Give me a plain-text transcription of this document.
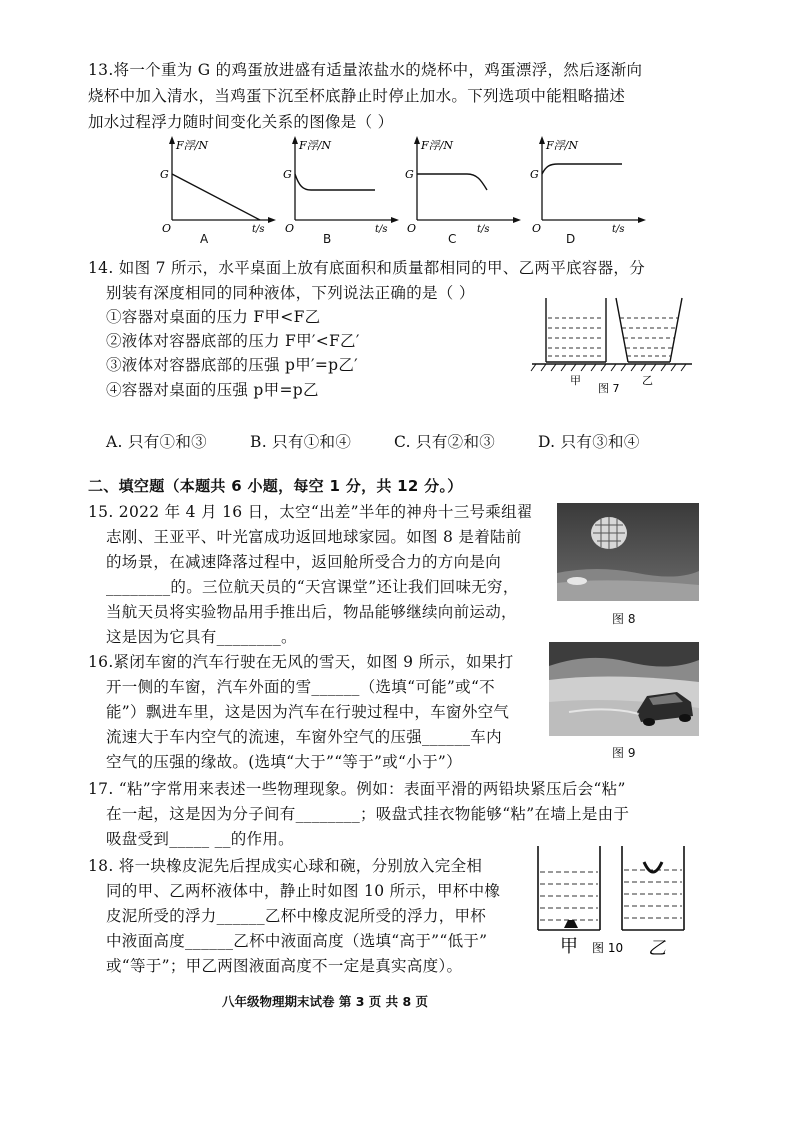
13.将一个重为 G 的鸡蛋放进盛有适量浓盐水的烧杯中，鸡蛋漂浮，然后逐渐向
烧杯中加入清水，当鸡蛋下沉至杯底静止时停止加水。下列选项中能粗略描述
加水过程浮力随时间变化关系的图像是（ ）
F浮/N
G
O	t/s
A
F浮/N
G
O	t/s
B
F浮/N
G
O	t/s
C
F浮/N
G
O	t/s
D
14. 如图 7 所示，水平桌面上放有底面积和质量都相同的甲、乙两平底容器，分
别装有深度相同的同种液体，下列说法正确的是（ ）
①容器对桌面的压力 F甲<F乙
②液体对容器底部的压力 F甲′<F乙′
③液体对容器底部的压强 p甲′=p乙′
④容器对桌面的压强 p甲=p乙
甲
图 7
乙
A. 只有①和③	B. 只有①和④	C. 只有②和③	D. 只有③和④
二、填空题（本题共 6 小题，每空 1 分，共 12 分。）
15. 2022 年 4 月 16 日，太空“出差”半年的神舟十三号乘组翟
志刚、王亚平、叶光富成功返回地球家园。如图 8 是着陆前
的场景，在减速降落过程中，返回舱所受合力的方向是向
________的。三位航天员的“天宫课堂”还让我们回味无穷，
当航天员将实验物品用手推出后，物品能够继续向前运动，
这是因为它具有________。
图 8
16.紧闭车窗的汽车行驶在无风的雪天，如图 9 所示，如果打
开一侧的车窗，汽车外面的雪______（选填“可能”或“不
能”）飘进车里，这是因为汽车在行驶过程中，车窗外空气
流速大于车内空气的流速，车窗外空气的压强______车内
空气的压强的缘故。(选填“大于”“等于”或“小于”）	图 9
17. “粘”字常用来表述一些物理现象。例如：表面平滑的两铅块紧压后会“粘”
在一起，这是因为分子间有________；吸盘式挂衣物能够“粘”在墙上是由于
吸盘受到_____ __的作用。
18. 将一块橡皮泥先后捏成实心球和碗，分别放入完全相
同的甲、乙两杯液体中，静止时如图 10 所示，甲杯中橡
皮泥所受的浮力______乙杯中橡皮泥所受的浮力，甲杯
中液面高度______乙杯中液面高度（选填“高于”“低于”
或“等于”；甲乙两图液面高度不一定是真实高度）。
甲 图 10 乙
八年级物理期末试卷 第 3 页 共 8 页
